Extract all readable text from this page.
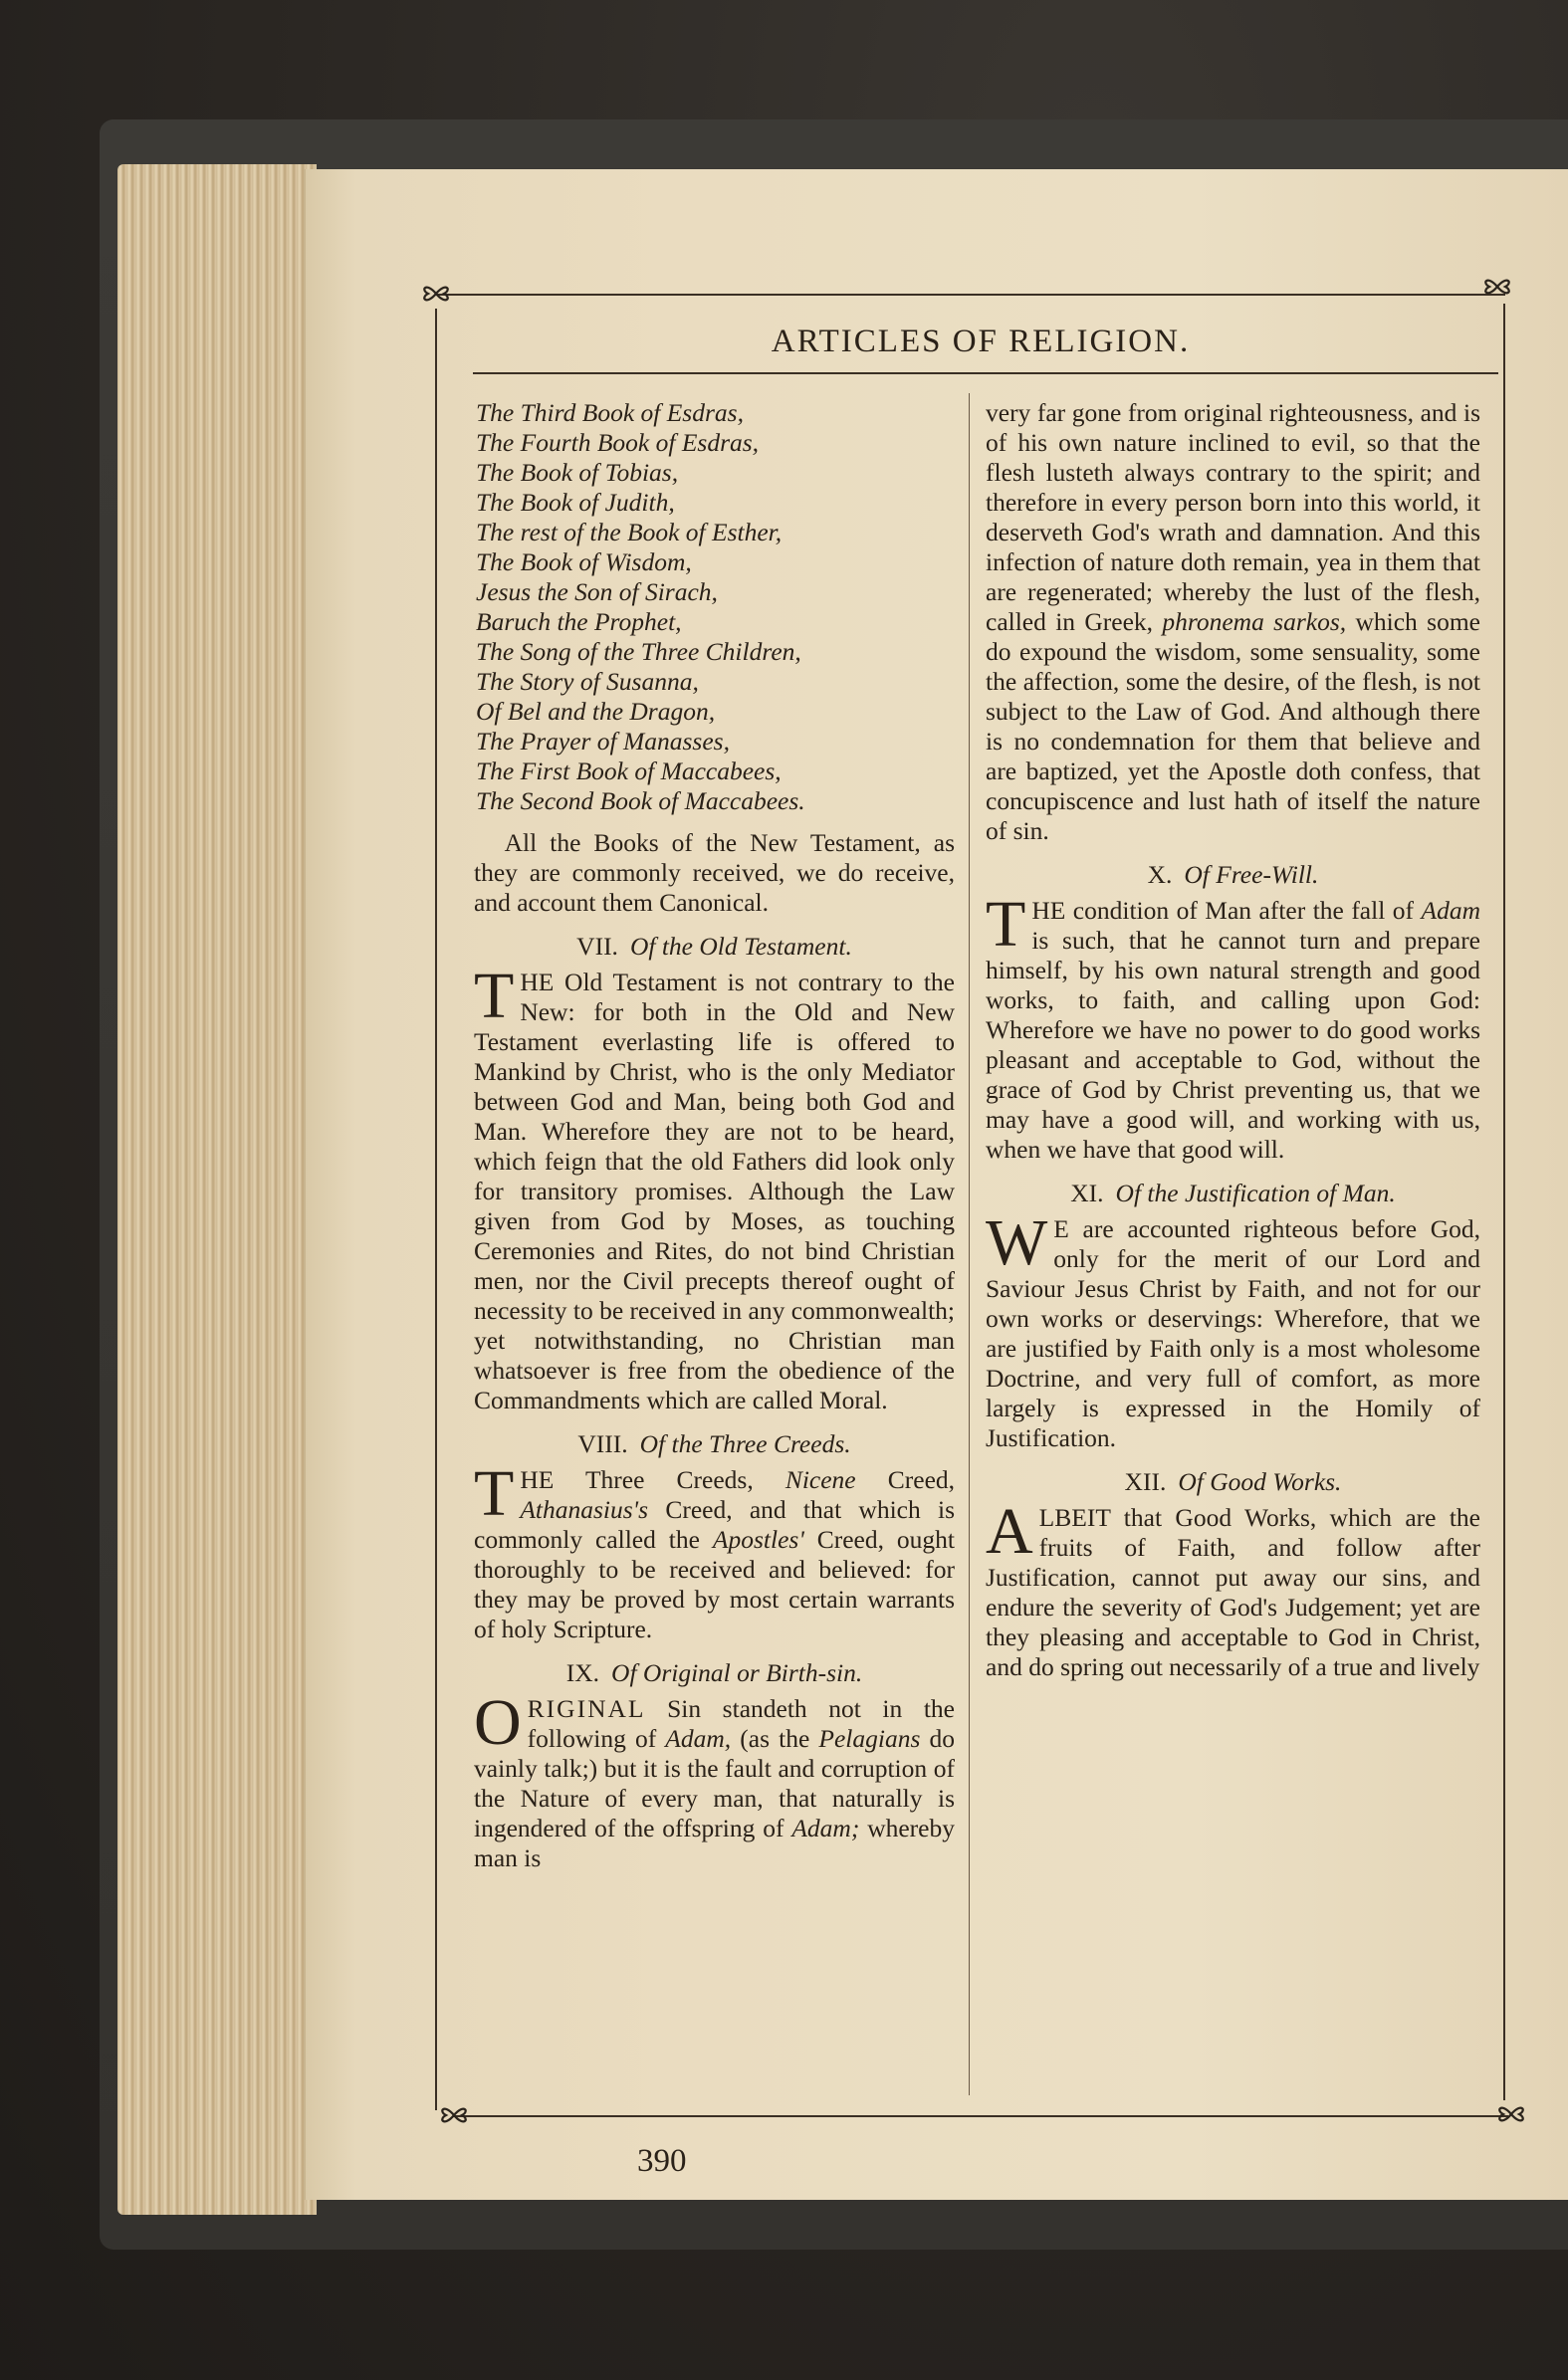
ARTICLES OF RELIGION.
The Third Book of Esdras,
The Fourth Book of Esdras,
The Book of Tobias,
The Book of Judith,
The rest of the Book of Esther,
The Book of Wisdom,
Jesus the Son of Sirach,
Baruch the Prophet,
The Song of the Three Children,
The Story of Susanna,
Of Bel and the Dragon,
The Prayer of Manasses,
The First Book of Maccabees,
The Second Book of Maccabees.

All the Books of the New Testament, as they are commonly received, we do receive, and account them Canonical.

VII. Of the Old Testament.

THE Old Testament is not contrary to the New: for both in the Old and New Testament everlasting life is offered to Mankind by Christ, who is the only Mediator between God and Man, being both God and Man. Wherefore they are not to be heard, which feign that the old Fathers did look only for transitory promises. Although the Law given from God by Moses, as touching Ceremonies and Rites, do not bind Christian men, nor the Civil precepts thereof ought of necessity to be received in any commonwealth; yet notwithstanding, no Christian man whatsoever is free from the obedience of the Commandments which are called Moral.

VIII. Of the Three Creeds.

THE Three Creeds, Nicene Creed, Athanasius's Creed, and that which is commonly called the Apostles' Creed, ought thoroughly to be received and believed: for they may be proved by most certain warrants of holy Scripture.

IX. Of Original or Birth-sin.

ORIGINAL Sin standeth not in the following of Adam, (as the Pelagians do vainly talk;) but it is the fault and corruption of the Nature of every man, that naturally is ingendered of the offspring of Adam; whereby man is

very far gone from original righteousness, and is of his own nature inclined to evil, so that the flesh lusteth always contrary to the spirit; and therefore in every person born into this world, it deserveth God's wrath and damnation. And this infection of nature doth remain, yea in them that are regenerated; whereby the lust of the flesh, called in Greek, phronema sarkos, which some do expound the wisdom, some sensuality, some the affection, some the desire, of the flesh, is not subject to the Law of God. And although there is no condemnation for them that believe and are baptized, yet the Apostle doth confess, that concupiscence and lust hath of itself the nature of sin.

X. Of Free-Will.

THE condition of Man after the fall of Adam is such, that he cannot turn and prepare himself, by his own natural strength and good works, to faith, and calling upon God: Wherefore we have no power to do good works pleasant and acceptable to God, without the grace of God by Christ preventing us, that we may have a good will, and working with us, when we have that good will.

XI. Of the Justification of Man.

W E are accounted righteous before God, only for the merit of our Lord and Saviour Jesus Christ by Faith, and not for our own works or deservings: Wherefore, that we are justified by Faith only is a most wholesome Doctrine, and very full of comfort, as more largely is expressed in the Homily of Justification.

XII. Of Good Works.

ALBEIT that Good Works, which are the fruits of Faith, and follow after Justification, cannot put away our sins, and endure the severity of God's Judgement; yet are they pleasing and acceptable to God in Christ, and do spring out necessarily of a true and lively

390
